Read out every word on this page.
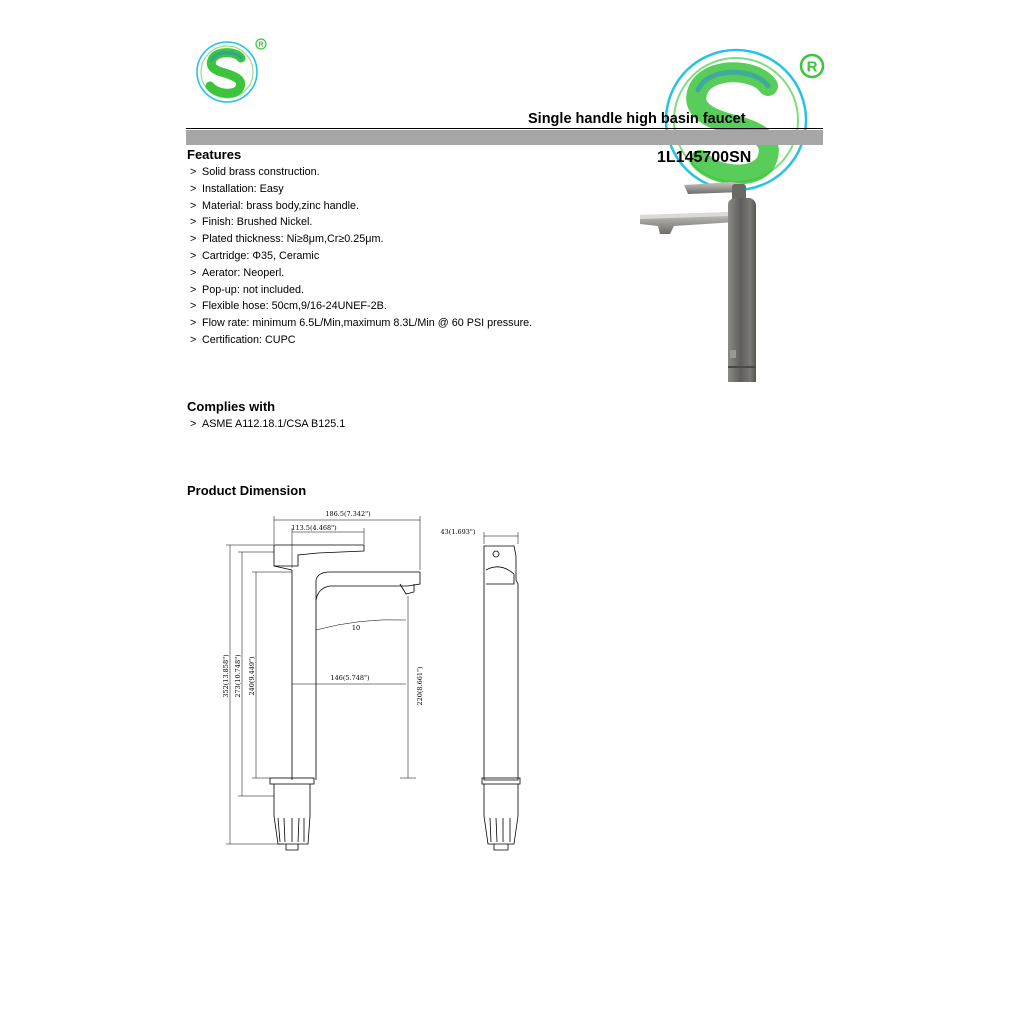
R
R
Single handle high basin faucet
1L145700SN
Features
> Solid brass construction.
> Installation: Easy
> Material: brass body,zinc handle.
> Finish: Brushed Nickel.
> Plated thickness: Ni≥8μm,Cr≥0.25μm.
> Cartridge: Φ35, Ceramic
> Aerator: Neoperl.
> Pop-up: not included.
> Flexible hose: 50cm,9/16-24UNEF-2B.
> Flow rate: minimum 6.5L/Min,maximum 8.3L/Min @ 60 PSI pressure.
> Certification: CUPC
Complies with
> ASME A112.18.1/CSA B125.1
Product Dimension
186.5(7.342")
113.5(4.468")
10
146(5.748")	220(8.661")
352(13.858") 273(10.748") 240(9.449")
43(1.693")
